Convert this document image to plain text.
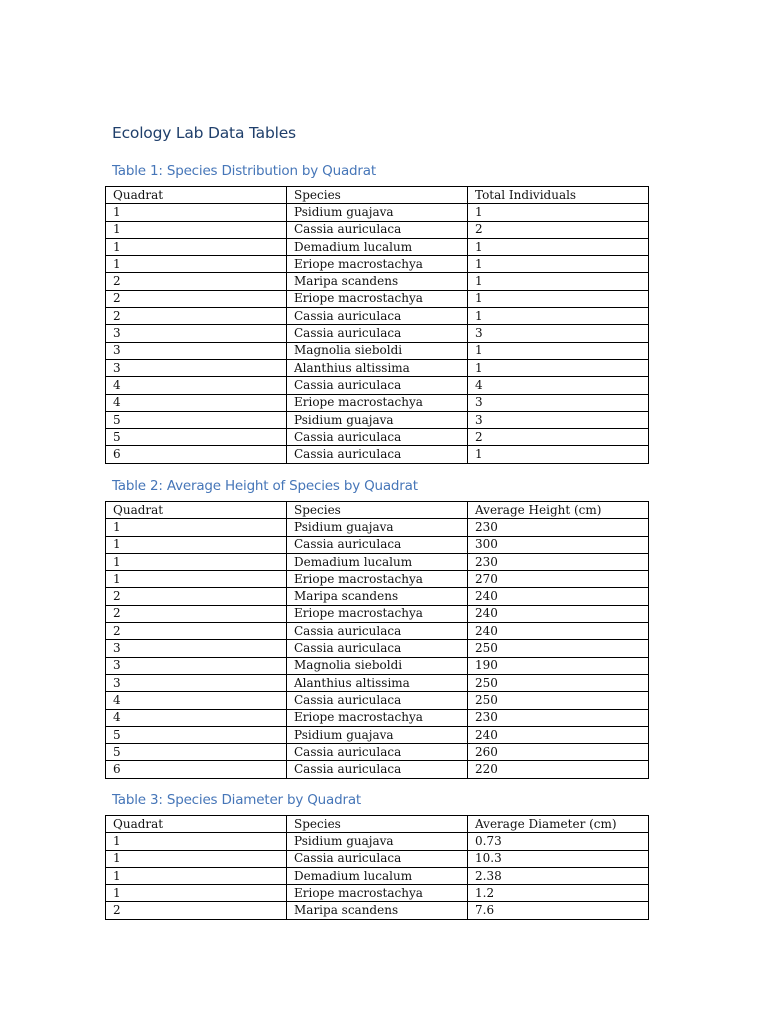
Ecology Lab Data Tables
Table 1: Species Distribution by Quadrat
Quadrat	Species	Total Individuals
1	Psidium guajava	1
1	Cassia auriculaca	2
1	Demadium lucalum	1
1	Eriope macrostachya	1
2	Maripa scandens	1
2	Eriope macrostachya	1
2	Cassia auriculaca	1
3	Cassia auriculaca	3
3	Magnolia sieboldi	1
3	Alanthius altissima	1
4	Cassia auriculaca	4
4	Eriope macrostachya	3
5	Psidium guajava	3
5	Cassia auriculaca	2
6	Cassia auriculaca	1
Table 2: Average Height of Species by Quadrat
Quadrat	Species	Average Height (cm)
1	Psidium guajava	230
1	Cassia auriculaca	300
1	Demadium lucalum	230
1	Eriope macrostachya	270
2	Maripa scandens	240
2	Eriope macrostachya	240
2	Cassia auriculaca	240
3	Cassia auriculaca	250
3	Magnolia sieboldi	190
3	Alanthius altissima	250
4	Cassia auriculaca	250
4	Eriope macrostachya	230
5	Psidium guajava	240
5	Cassia auriculaca	260
6	Cassia auriculaca	220
Table 3: Species Diameter by Quadrat
Quadrat	Species	Average Diameter (cm)
1	Psidium guajava	0.73
1	Cassia auriculaca	10.3
1	Demadium lucalum	2.38
1	Eriope macrostachya	1.2
2	Maripa scandens	7.6
